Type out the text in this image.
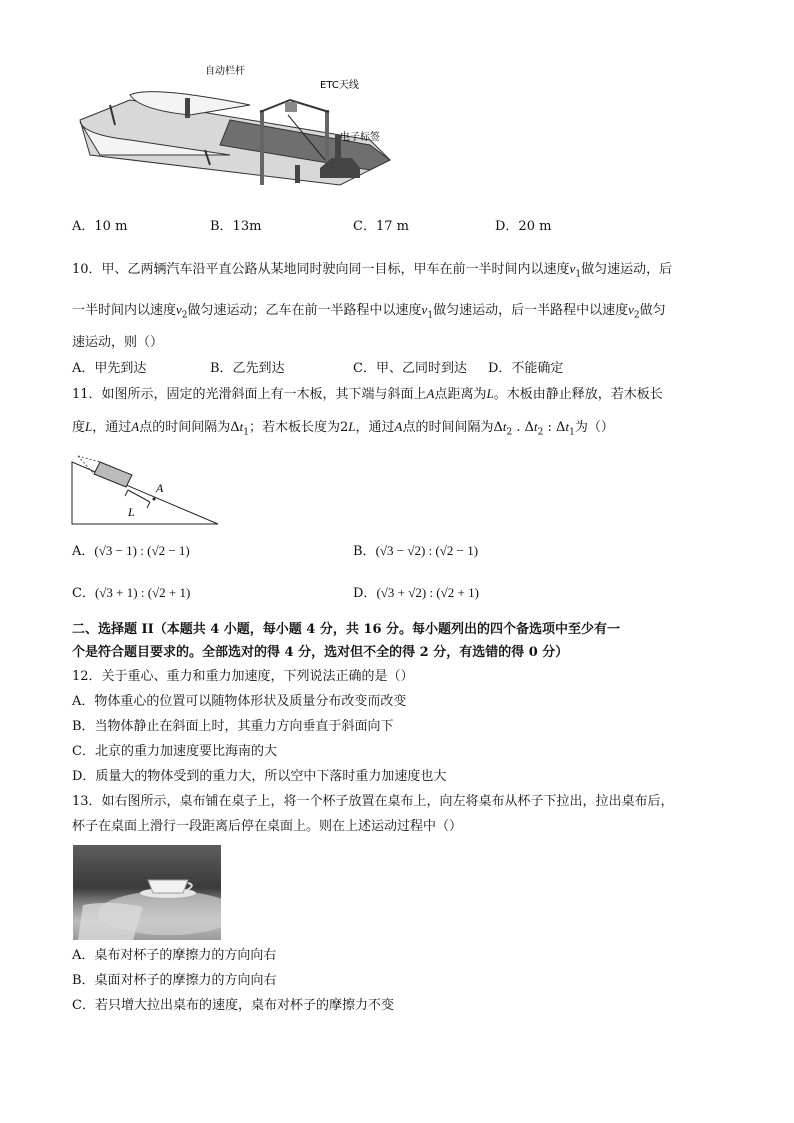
自动栏杆
ETC天线
电子标签
A．10 m	B．13m	C．17 m	D．20 m
10．甲、乙两辆汽车沿平直公路从某地同时驶向同一目标，甲车在前一半时间内以速度$v_1$做匀速运动，后
一半时间内以速度$v_2$做匀速运动；乙车在前一半路程中以速度$v_1$做匀速运动，后一半路程中以速度$v_2$做匀
速运动，则（）
A．甲先到达	B．乙先到达	C．甲、乙同时到达 D．不能确定
11．如图所示，固定的光滑斜面上有一木板，其下端与斜面上A点距离为L。木板由静止释放，若木板长
度L，通过A点的时间间隔为$\Delta t_1$；若木板长度为2L，通过A点的时间间隔为$\Delta t_2$ . $\Delta t_2$ : $\Delta t_1$为（）
A
L
A．(√3 − 1) : (√2 − 1)	B．(√3 − √2) : (√2 − 1)
C．(√3 + 1) : (√2 + 1)	D．(√3 + √2) : (√2 + 1)
二、选择题 II（本题共 4 小题，每小题 4 分，共 16 分。每小题列出的四个备选项中至少有一
个是符合题目要求的。全部选对的得 4 分，选对但不全的得 2 分，有选错的得 0 分）
12．关于重心、重力和重力加速度，下列说法正确的是（）
A．物体重心的位置可以随物体形状及质量分布改变而改变
B．当物体静止在斜面上时，其重力方向垂直于斜面向下
C．北京的重力加速度要比海南的大
D．质量大的物体受到的重力大，所以空中下落时重力加速度也大
13．如右图所示，桌布铺在桌子上，将一个杯子放置在桌布上，向左将桌布从杯子下拉出，拉出桌布后，
杯子在桌面上滑行一段距离后停在桌面上。则在上述运动过程中（）
A．桌布对杯子的摩擦力的方向向右
B．桌面对杯子的摩擦力的方向向右
C．若只增大拉出桌布的速度，桌布对杯子的摩擦力不变
